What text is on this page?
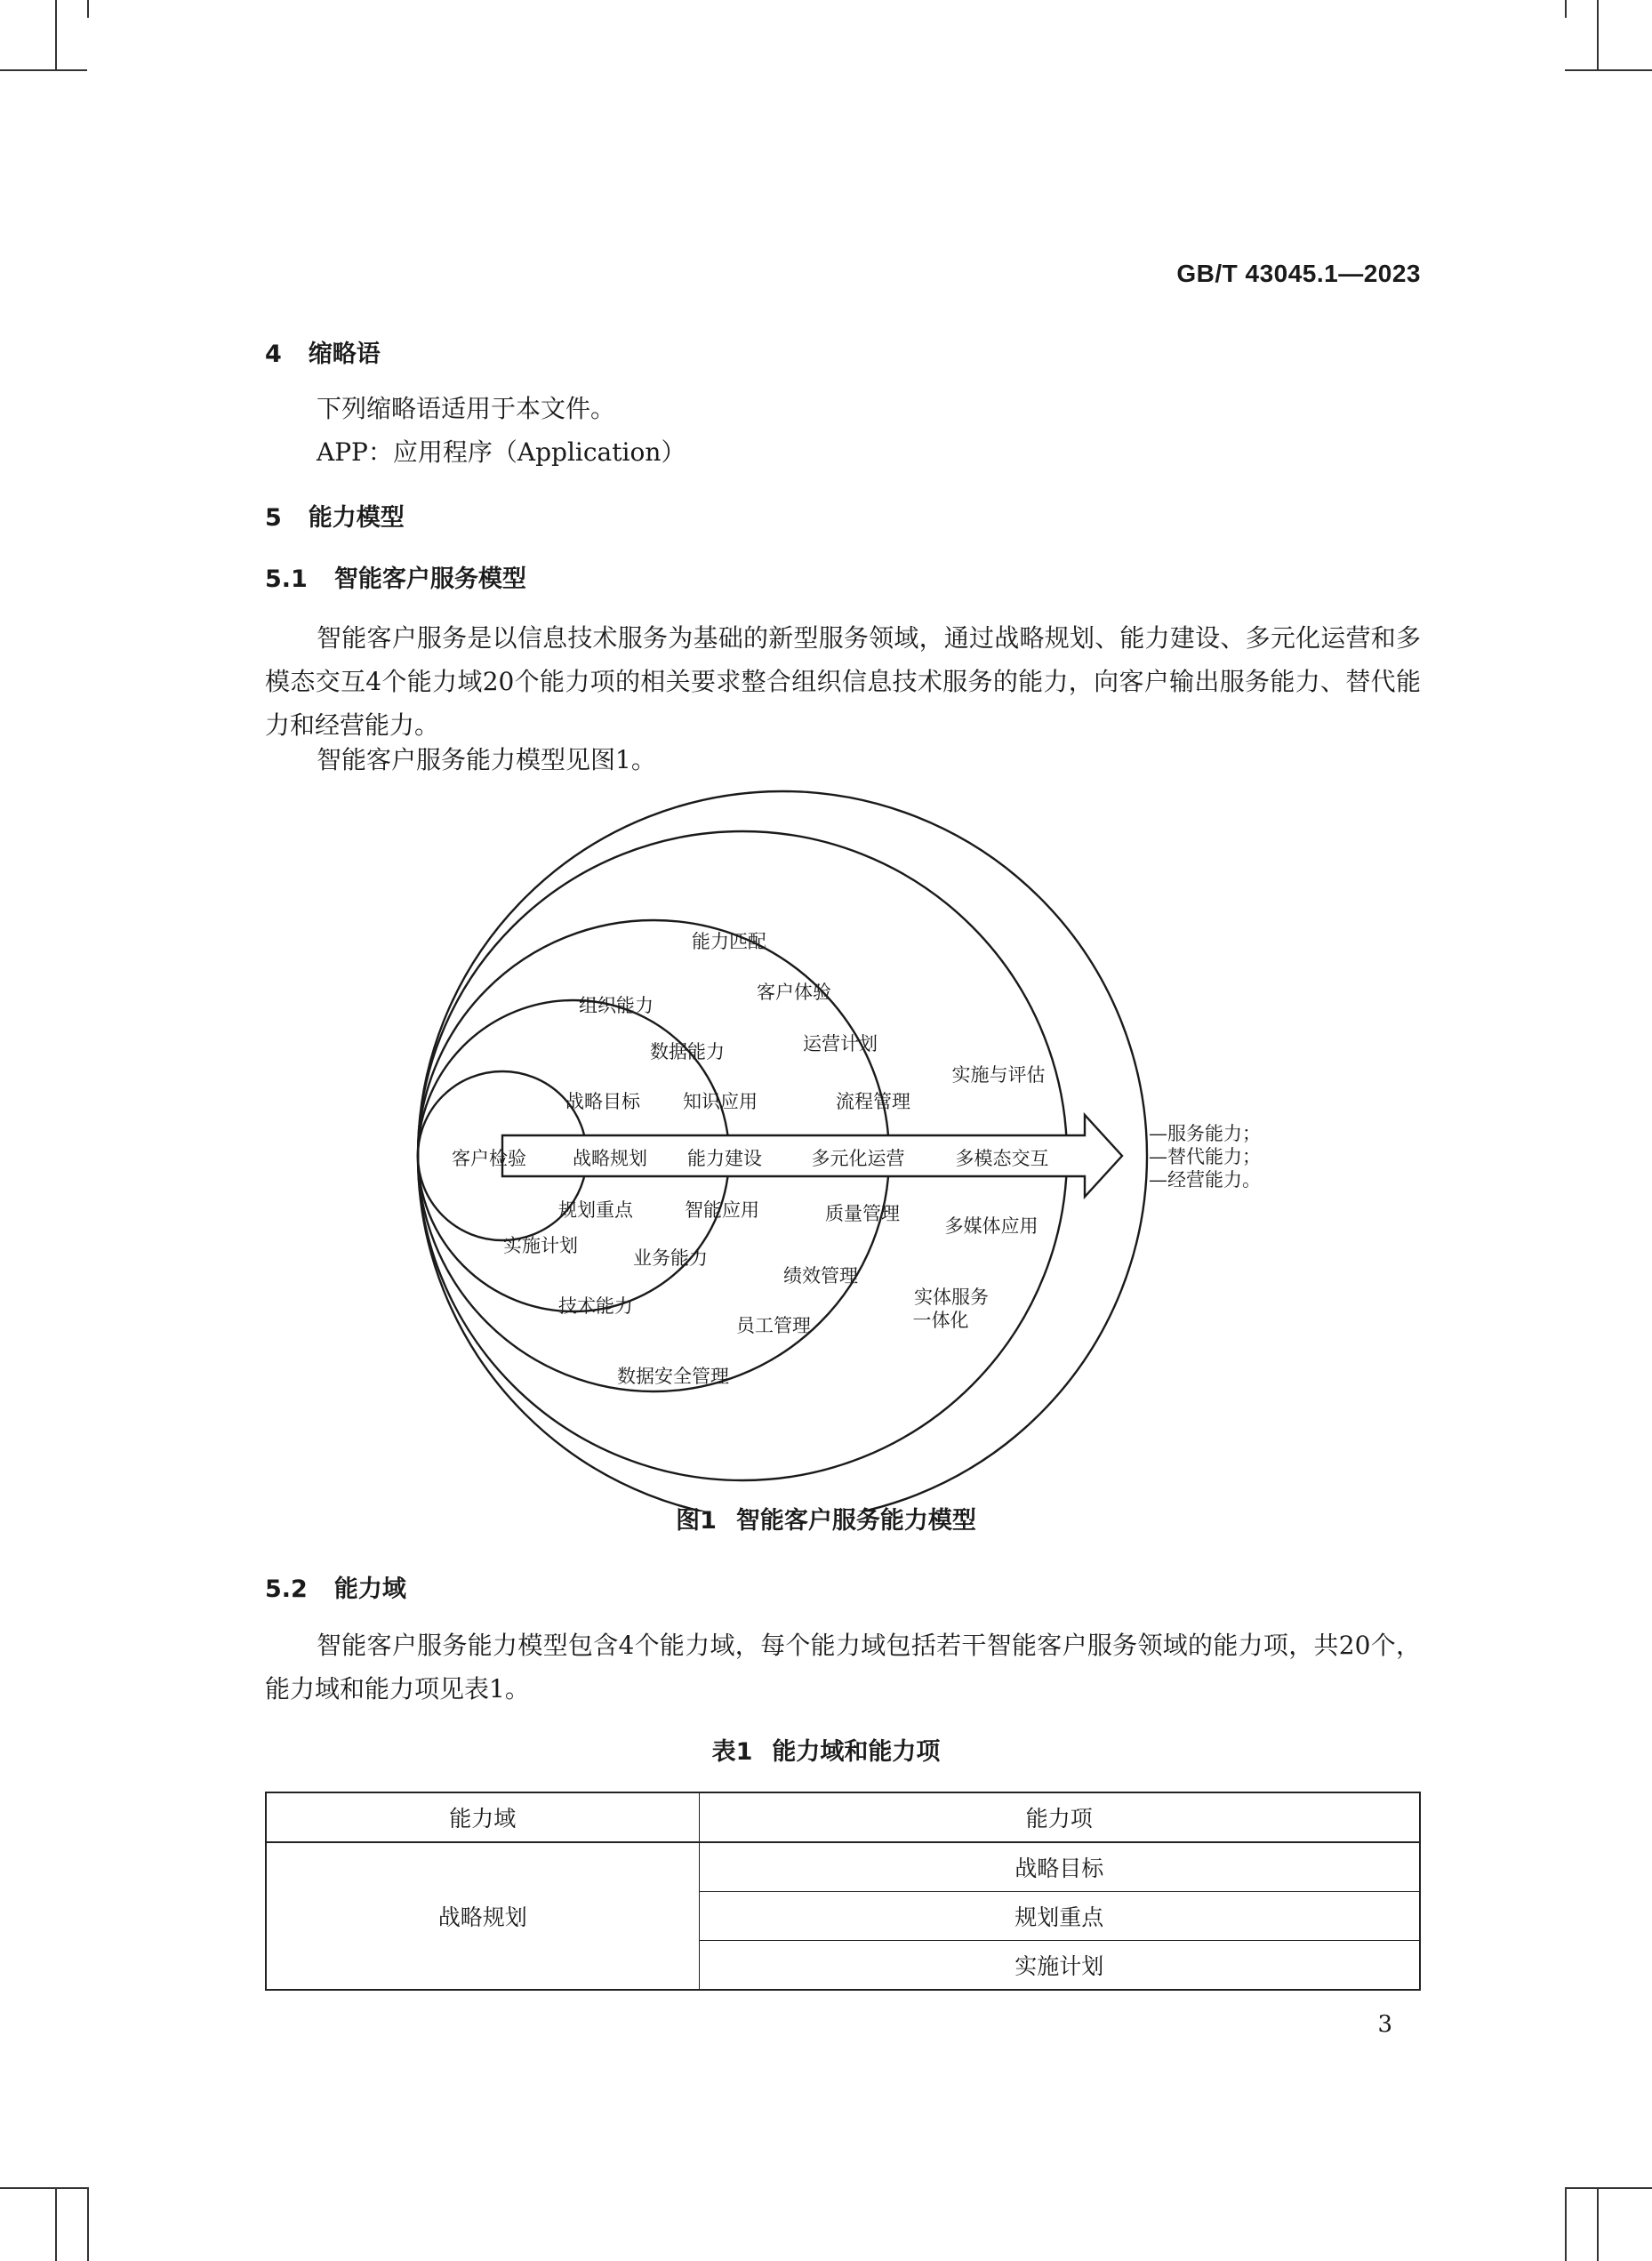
GB/T 43045.1—2023
4 缩略语
下列缩略语适用于本文件。
APP：应用程序（Application）
5 能力模型
5.1 智能客户服务模型
智能客户服务是以信息技术服务为基础的新型服务领域，通过战略规划、能力建设、多元化运营和多模态交互4个能力域20个能力项的相关要求整合组织信息技术服务的能力，向客户输出服务能力、替代能力和经营能力。
智能客户服务能力模型见图1。
能力匹配
客户体验
组织能力
运营计划
数据能力
实施与评估
战略目标 知识应用	流程管理
客户检验 战略规划 能力建设	多元化运营	多模态交互
规划重点	智能应用	质量管理
多媒体应用
实施计划
业务能力
绩效管理
实体服务
一体化
技术能力
员工管理
数据安全管理
—服务能力；
—替代能力；
—经营能力。
图1 智能客户服务能力模型
5.2 能力域
智能客户服务能力模型包含4个能力域，每个能力域包括若干智能客户服务领域的能力项，共20个，能力域和能力项见表1。
表1 能力域和能力项
能力域	能力项
战略规划	战略目标
	规划重点
	实施计划
3
